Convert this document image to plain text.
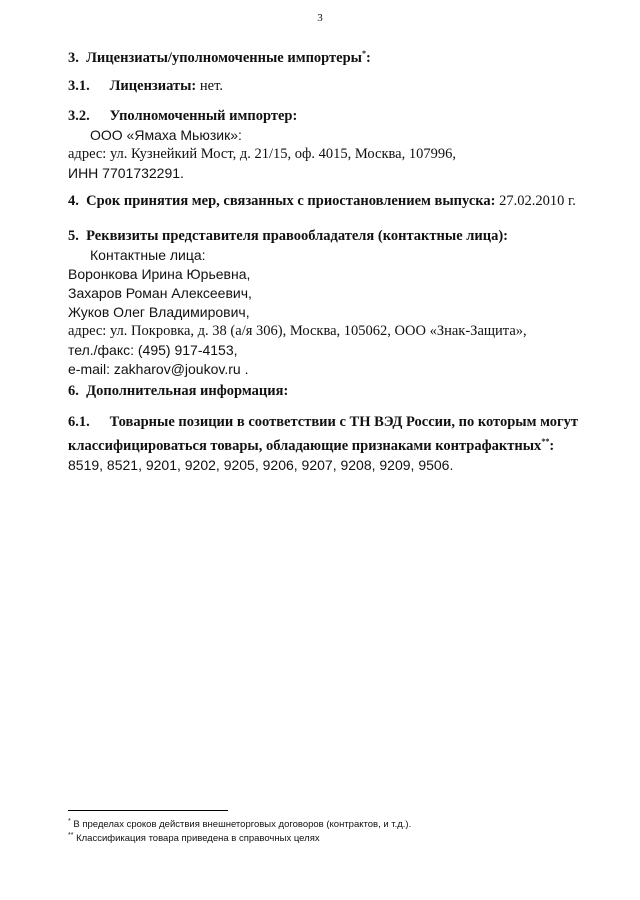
3
3. Лицензиаты/уполномоченные импортеры*:
3.1. Лицензиаты: нет.
3.2. Уполномоченный импортер:
ООО «Ямаха Мьюзик»:
адрес: ул. Кузнейкий Мост, д. 21/15, оф. 4015, Москва, 107996,
ИНН 7701732291.
4. Срок принятия мер, связанных с приостановлением выпуска: 27.02.2010 г.
5. Реквизиты представителя правообладателя (контактные лица):
Контактные лица:
Воронкова Ирина Юрьевна,
Захаров Роман Алексеевич,
Жуков Олег Владимирович,
адрес: ул. Покровка, д. 38 (а/я 306), Москва, 105062, ООО «Знак-Защита»,
тел./факс: (495) 917-4153,
e-mail: zakharov@joukov.ru .
6. Дополнительная информация:
6.1. Товарные позиции в соответствии с ТН ВЭД России, по которым могут
классифицироваться товары, обладающие признаками контрафактных**:
8519, 8521, 9201, 9202, 9205, 9206, 9207, 9208, 9209, 9506.
* В пределах сроков действия внешнеторговых договоров (контрактов, и т.д.).
** Классификация товара приведена в справочных целях
